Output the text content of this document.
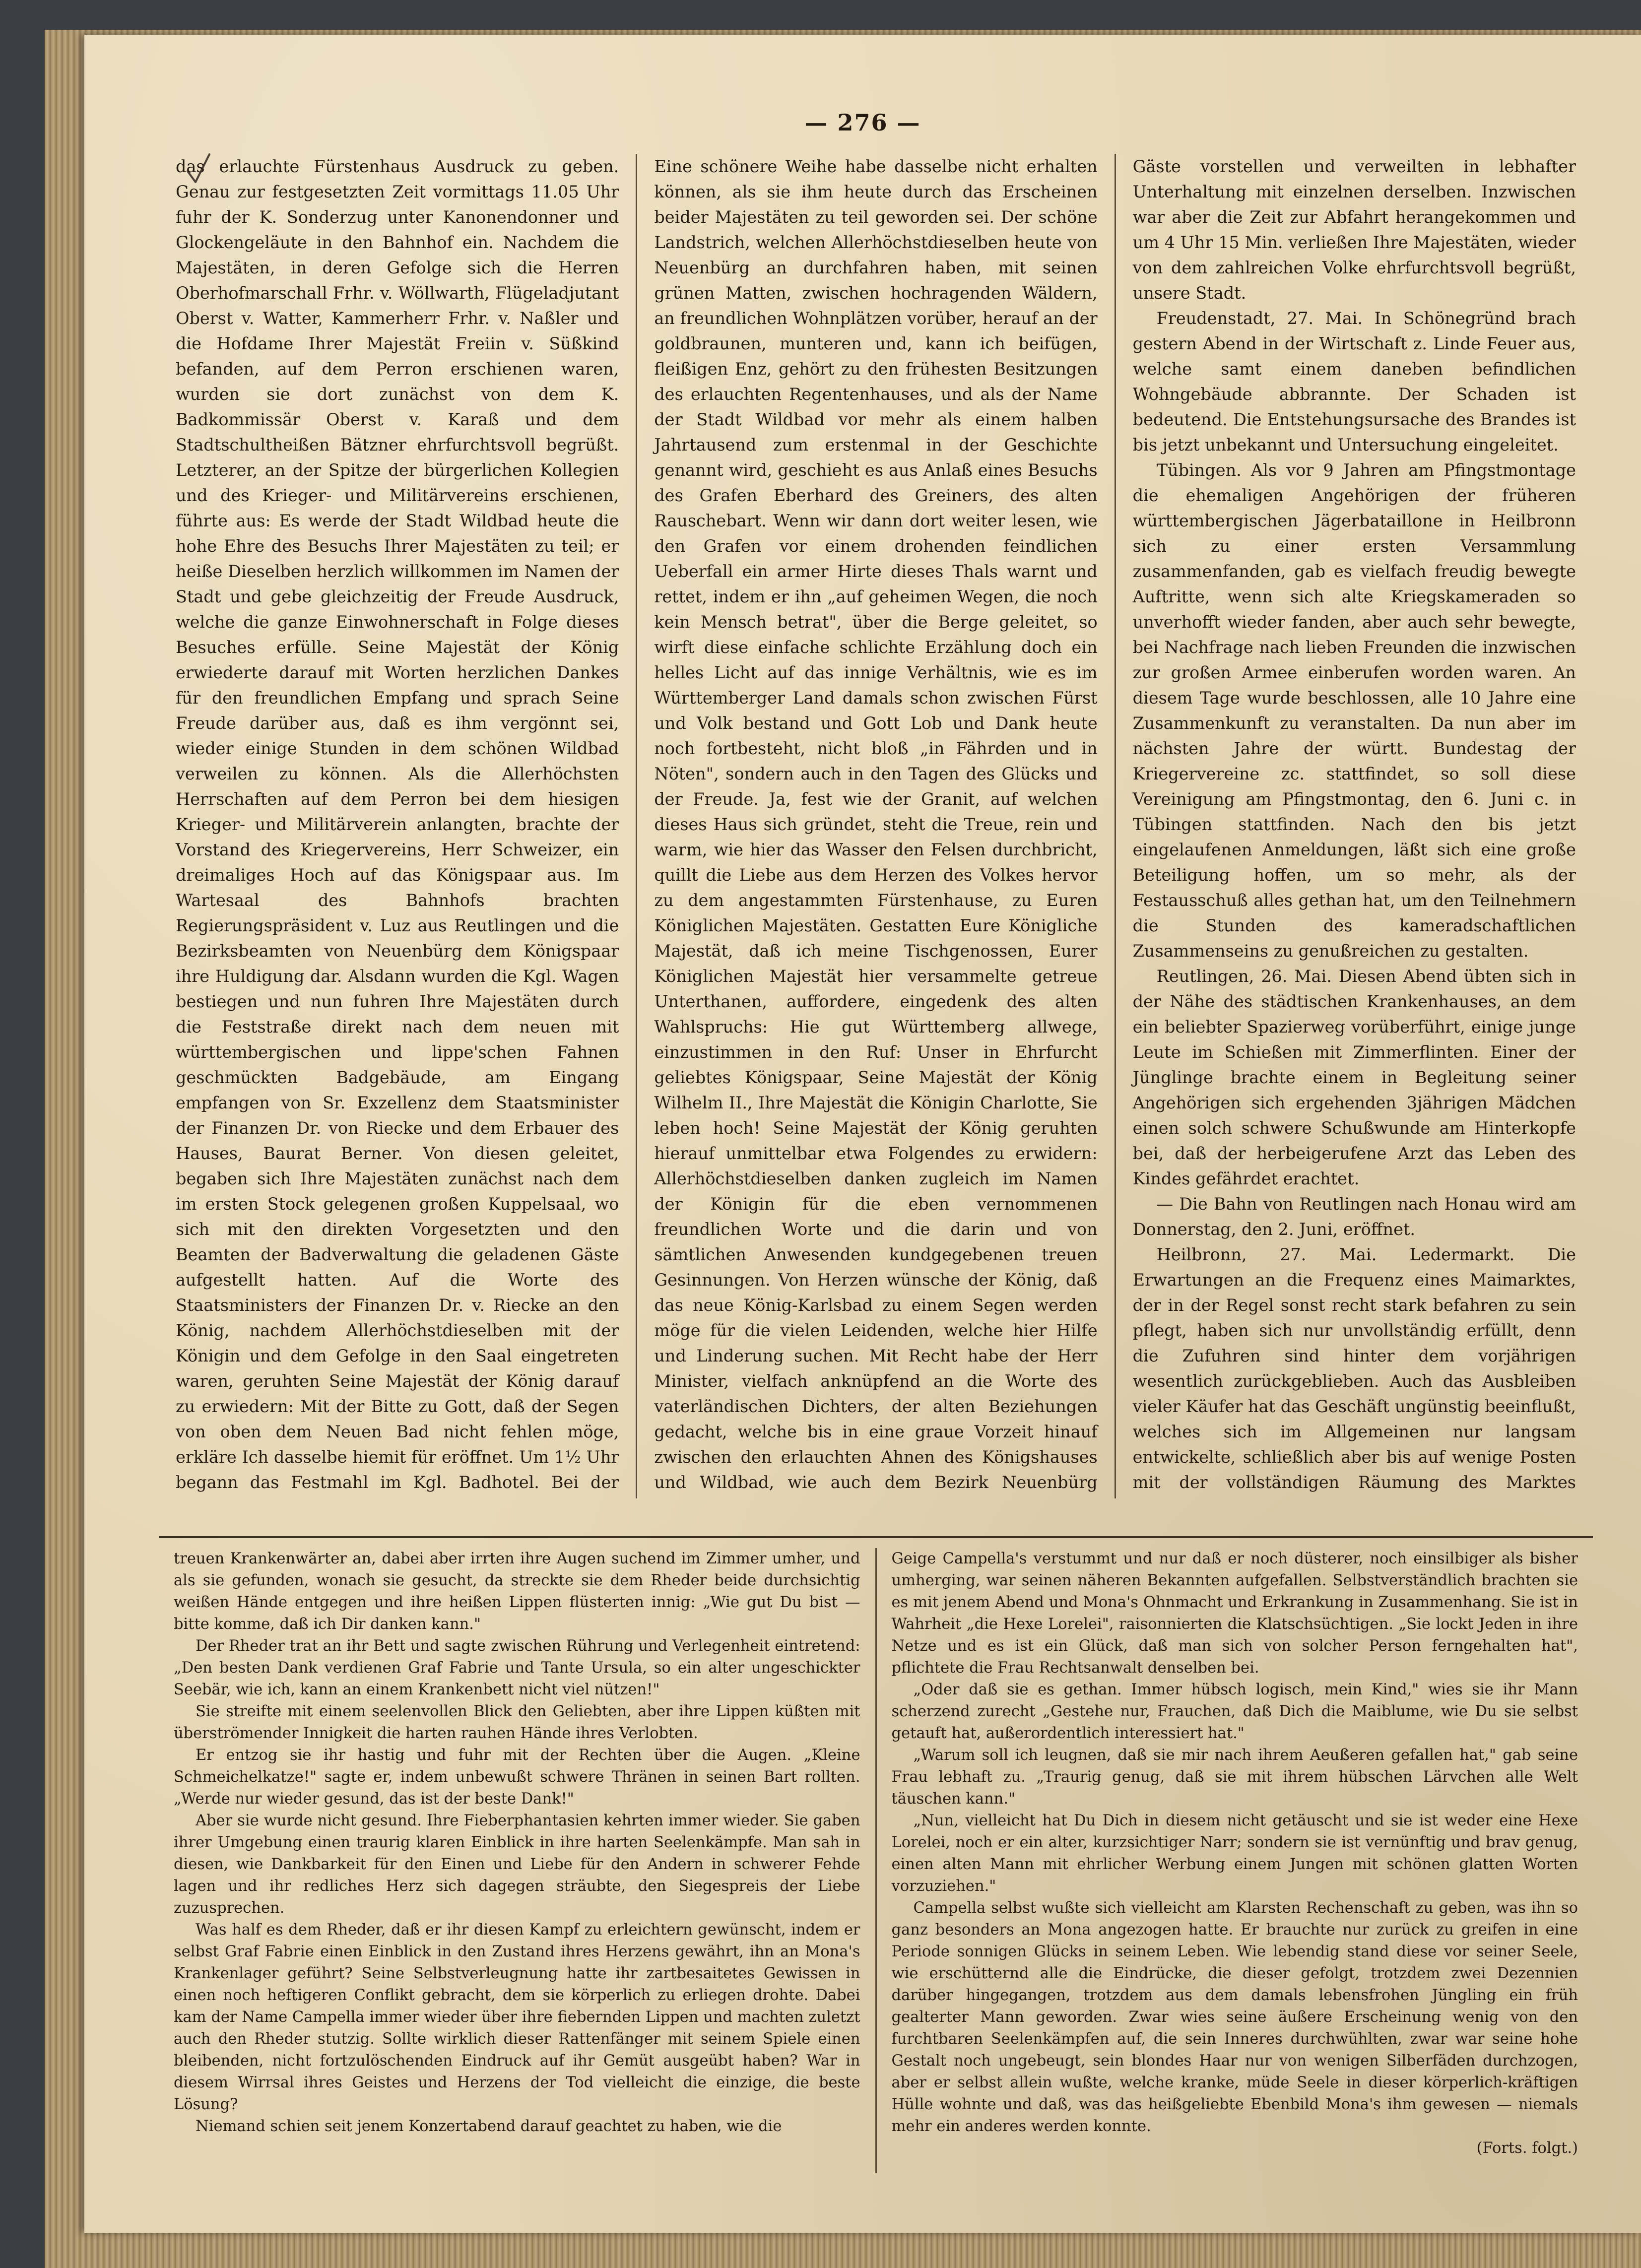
— 276 —

das erlauchte Fürstenhaus Ausdruck zu geben. Genau zur festgesetzten Zeit vormittags 11.05 Uhr fuhr der K. Sonderzug unter Kanonendonner und Glockengeläute in den Bahnhof ein. Nachdem die Majestäten, in deren Gefolge sich die Herren Oberhofmarschall Frhr. v. Wöllwarth, Flügeladjutant Oberst v. Watter, Kammerherr Frhr. v. Naßler und die Hofdame Ihrer Majestät Freiin v. Süßkind befanden, auf dem Perron erschienen waren, wurden sie dort zunächst von dem K. Badkommissär Oberst v. Karaß und dem Stadtschultheißen Bätzner ehrfurchtsvoll begrüßt. Letzterer, an der Spitze der bürgerlichen Kollegien und des Krieger- und Militärvereins erschienen, führte aus: Es werde der Stadt Wildbad heute die hohe Ehre des Besuchs Ihrer Majestäten zu teil; er heiße Dieselben herzlich willkommen im Namen der Stadt und gebe gleichzeitig der Freude Ausdruck, welche die ganze Einwohnerschaft in Folge dieses Besuches erfülle. Seine Majestät der König erwiederte darauf mit Worten herzlichen Dankes für den freundlichen Empfang und sprach Seine Freude darüber aus, daß es ihm vergönnt sei, wieder einige Stunden in dem schönen Wildbad verweilen zu können. Als die Allerhöchsten Herrschaften auf dem Perron bei dem hiesigen Krieger- und Militärverein anlangten, brachte der Vorstand des Kriegervereins, Herr Schweizer, ein dreimaliges Hoch auf das Königspaar aus. Im Wartesaal des Bahnhofs brachten Regierungspräsident v. Luz aus Reutlingen und die Bezirksbeamten von Neuenbürg dem Königspaar ihre Huldigung dar. Alsdann wurden die Kgl. Wagen bestiegen und nun fuhren Ihre Majestäten durch die Feststraße direkt nach dem neuen mit württembergischen und lippe'schen Fahnen geschmückten Badgebäude, am Eingang empfangen von Sr. Exzellenz dem Staatsminister der Finanzen Dr. von Riecke und dem Erbauer des Hauses, Baurat Berner. Von diesen geleitet, begaben sich Ihre Majestäten zunächst nach dem im ersten Stock gelegenen großen Kuppelsaal, wo sich mit den direkten Vorgesetzten und den Beamten der Badverwaltung die geladenen Gäste aufgestellt hatten. Auf die Worte des Staatsministers der Finanzen Dr. v. Riecke an den König, nachdem Allerhöchstdieselben mit der Königin und dem Gefolge in den Saal eingetreten waren, geruhten Seine Majestät der König darauf zu erwiedern: Mit der Bitte zu Gott, daß der Segen von oben dem Neuen Bad nicht fehlen möge, erkläre Ich dasselbe hiemit für eröffnet. Um 1½ Uhr begann das Festmahl im Kgl. Badhotel. Bei der

Eine schönere Weihe habe dasselbe nicht erhalten können, als sie ihm heute durch das Erscheinen beider Majestäten zu teil geworden sei. Der schöne Landstrich, welchen Allerhöchstdieselben heute von Neuenbürg an durchfahren haben, mit seinen grünen Matten, zwischen hochragenden Wäldern, an freundlichen Wohnplätzen vorüber, herauf an der goldbraunen, munteren und, kann ich beifügen, fleißigen Enz, gehört zu den frühesten Besitzungen des erlauchten Regentenhauses, und als der Name der Stadt Wildbad vor mehr als einem halben Jahrtausend zum erstenmal in der Geschichte genannt wird, geschieht es aus Anlaß eines Besuchs des Grafen Eberhard des Greiners, des alten Rauschebart. Wenn wir dann dort weiter lesen, wie den Grafen vor einem drohenden feindlichen Ueberfall ein armer Hirte dieses Thals warnt und rettet, indem er ihn „auf geheimen Wegen, die noch kein Mensch betrat", über die Berge geleitet, so wirft diese einfache schlichte Erzählung doch ein helles Licht auf das innige Verhältnis, wie es im Württemberger Land damals schon zwischen Fürst und Volk bestand und Gott Lob und Dank heute noch fortbesteht, nicht bloß „in Fährden und in Nöten", sondern auch in den Tagen des Glücks und der Freude. Ja, fest wie der Granit, auf welchen dieses Haus sich gründet, steht die Treue, rein und warm, wie hier das Wasser den Felsen durchbricht, quillt die Liebe aus dem Herzen des Volkes hervor zu dem angestammten Fürstenhause, zu Euren Königlichen Majestäten. Gestatten Eure Königliche Majestät, daß ich meine Tischgenossen, Eurer Königlichen Majestät hier versammelte getreue Unterthanen, auffordere, eingedenk des alten Wahlspruchs: Hie gut Württemberg allwege, einzustimmen in den Ruf: Unser in Ehrfurcht geliebtes Königspaar, Seine Majestät der König Wilhelm II., Ihre Majestät die Königin Charlotte, Sie leben hoch! Seine Majestät der König geruhten hierauf unmittelbar etwa Folgendes zu erwidern: Allerhöchstdieselben danken zugleich im Namen der Königin für die eben vernommenen freundlichen Worte und die darin und von sämtlichen Anwesenden kundgegebenen treuen Gesinnungen. Von Herzen wünsche der König, daß das neue König-Karlsbad zu einem Segen werden möge für die vielen Leidenden, welche hier Hilfe und Linderung suchen. Mit Recht habe der Herr Minister, vielfach anknüpfend an die Worte des vaterländischen Dichters, der alten Beziehungen gedacht, welche bis in eine graue Vorzeit hinauf zwischen den erlauchten Ahnen des Königshauses und Wildbad, wie auch dem Bezirk Neuenbürg

Gäste vorstellen und verweilten in lebhafter Unterhaltung mit einzelnen derselben. Inzwischen war aber die Zeit zur Abfahrt herangekommen und um 4 Uhr 15 Min. verließen Ihre Majestäten, wieder von dem zahlreichen Volke ehrfurchtsvoll begrüßt, unsere Stadt.

Freudenstadt, 27. Mai. In Schönegründ brach gestern Abend in der Wirtschaft z. Linde Feuer aus, welche samt einem daneben befindlichen Wohngebäude abbrannte. Der Schaden ist bedeutend. Die Entstehungsursache des Brandes ist bis jetzt unbekannt und Untersuchung eingeleitet.

Tübingen. Als vor 9 Jahren am Pfingstmontage die ehemaligen Angehörigen der früheren württembergischen Jägerbataillone in Heilbronn sich zu einer ersten Versammlung zusammenfanden, gab es vielfach freudig bewegte Auftritte, wenn sich alte Kriegskameraden so unverhofft wieder fanden, aber auch sehr bewegte, bei Nachfrage nach lieben Freunden die inzwischen zur großen Armee einberufen worden waren. An diesem Tage wurde beschlossen, alle 10 Jahre eine Zusammenkunft zu veranstalten. Da nun aber im nächsten Jahre der württ. Bundestag der Kriegervereine zc. stattfindet, so soll diese Vereinigung am Pfingstmontag, den 6. Juni c. in Tübingen stattfinden. Nach den bis jetzt eingelaufenen Anmeldungen, läßt sich eine große Beteiligung hoffen, um so mehr, als der Festausschuß alles gethan hat, um den Teilnehmern die Stunden des kameradschaftlichen Zusammenseins zu genußreichen zu gestalten.

Reutlingen, 26. Mai. Diesen Abend übten sich in der Nähe des städtischen Krankenhauses, an dem ein beliebter Spazierweg vorüberführt, einige junge Leute im Schießen mit Zimmerflinten. Einer der Jünglinge brachte einem in Begleitung seiner Angehörigen sich ergehenden 3jährigen Mädchen einen solch schwere Schußwunde am Hinterkopfe bei, daß der herbeigerufene Arzt das Leben des Kindes gefährdet erachtet.

— Die Bahn von Reutlingen nach Honau wird am Donnerstag, den 2. Juni, eröffnet.

Heilbronn, 27. Mai. Ledermarkt. Die Erwartungen an die Frequenz eines Maimarktes, der in der Regel sonst recht stark befahren zu sein pflegt, haben sich nur unvollständig erfüllt, denn die Zufuhren sind hinter dem vorjährigen wesentlich zurückgeblieben. Auch das Ausbleiben vieler Käufer hat das Geschäft ungünstig beeinflußt, welches sich im Allgemeinen nur langsam entwickelte, schließlich aber bis auf wenige Posten mit der vollständigen Räumung des Marktes

treuen Krankenwärter an, dabei aber irrten ihre Augen suchend im Zimmer umher, und als sie gefunden, wonach sie gesucht, da streckte sie dem Rheder beide durchsichtig weißen Hände entgegen und ihre heißen Lippen flüsterten innig: „Wie gut Du bist — bitte komme, daß ich Dir danken kann."

Der Rheder trat an ihr Bett und sagte zwischen Rührung und Verlegenheit eintretend: „Den besten Dank verdienen Graf Fabrie und Tante Ursula, so ein alter ungeschickter Seebär, wie ich, kann an einem Krankenbett nicht viel nützen!"

Sie streifte mit einem seelenvollen Blick den Geliebten, aber ihre Lippen küßten mit überströmender Innigkeit die harten rauhen Hände ihres Verlobten.

Er entzog sie ihr hastig und fuhr mit der Rechten über die Augen. „Kleine Schmeichelkatze!" sagte er, indem unbewußt schwere Thränen in seinen Bart rollten. „Werde nur wieder gesund, das ist der beste Dank!"

Aber sie wurde nicht gesund. Ihre Fieberphantasien kehrten immer wieder. Sie gaben ihrer Umgebung einen traurig klaren Einblick in ihre harten Seelenkämpfe. Man sah in diesen, wie Dankbarkeit für den Einen und Liebe für den Andern in schwerer Fehde lagen und ihr redliches Herz sich dagegen sträubte, den Siegespreis der Liebe zuzusprechen.

Was half es dem Rheder, daß er ihr diesen Kampf zu erleichtern gewünscht, indem er selbst Graf Fabrie einen Einblick in den Zustand ihres Herzens gewährt, ihn an Mona's Krankenlager geführt? Seine Selbstverleugnung hatte ihr zartbesaitetes Gewissen in einen noch heftigeren Conflikt gebracht, dem sie körperlich zu erliegen drohte. Dabei kam der Name Campella immer wieder über ihre fiebernden Lippen und machten zuletzt auch den Rheder stutzig. Sollte wirklich dieser Rattenfänger mit seinem Spiele einen bleibenden, nicht fortzulöschenden Eindruck auf ihr Gemüt ausgeübt haben? War in diesem Wirrsal ihres Geistes und Herzens der Tod vielleicht die einzige, die beste Lösung?

Niemand schien seit jenem Konzertabend darauf geachtet zu haben, wie die

Geige Campella's verstummt und nur daß er noch düsterer, noch einsilbiger als bisher umherging, war seinen näheren Bekannten aufgefallen. Selbstverständlich brachten sie es mit jenem Abend und Mona's Ohnmacht und Erkrankung in Zusammenhang. Sie ist in Wahrheit „die Hexe Lorelei", raisonnierten die Klatschsüchtigen. „Sie lockt Jeden in ihre Netze und es ist ein Glück, daß man sich von solcher Person ferngehalten hat", pflichtete die Frau Rechtsanwalt denselben bei.

„Oder daß sie es gethan. Immer hübsch logisch, mein Kind," wies sie ihr Mann scherzend zurecht „Gestehe nur, Frauchen, daß Dich die Maiblume, wie Du sie selbst getauft hat, außerordentlich interessiert hat."

„Warum soll ich leugnen, daß sie mir nach ihrem Aeußeren gefallen hat," gab seine Frau lebhaft zu. „Traurig genug, daß sie mit ihrem hübschen Lärvchen alle Welt täuschen kann."

„Nun, vielleicht hat Du Dich in diesem nicht getäuscht und sie ist weder eine Hexe Lorelei, noch er ein alter, kurzsichtiger Narr; sondern sie ist vernünftig und brav genug, einen alten Mann mit ehrlicher Werbung einem Jungen mit schönen glatten Worten vorzuziehen."

Campella selbst wußte sich vielleicht am Klarsten Rechenschaft zu geben, was ihn so ganz besonders an Mona angezogen hatte. Er brauchte nur zurück zu greifen in eine Periode sonnigen Glücks in seinem Leben. Wie lebendig stand diese vor seiner Seele, wie erschütternd alle die Eindrücke, die dieser gefolgt, trotzdem zwei Dezennien darüber hingegangen, trotzdem aus dem damals lebensfrohen Jüngling ein früh gealterter Mann geworden. Zwar wies seine äußere Erscheinung wenig von den furchtbaren Seelenkämpfen auf, die sein Inneres durchwühlten, zwar war seine hohe Gestalt noch ungebeugt, sein blondes Haar nur von wenigen Silberfäden durchzogen, aber er selbst allein wußte, welche kranke, müde Seele in dieser körperlich-kräftigen Hülle wohnte und daß, was das heißgeliebte Ebenbild Mona's ihm gewesen — niemals mehr ein anderes werden konnte.

(Forts. folgt.)
